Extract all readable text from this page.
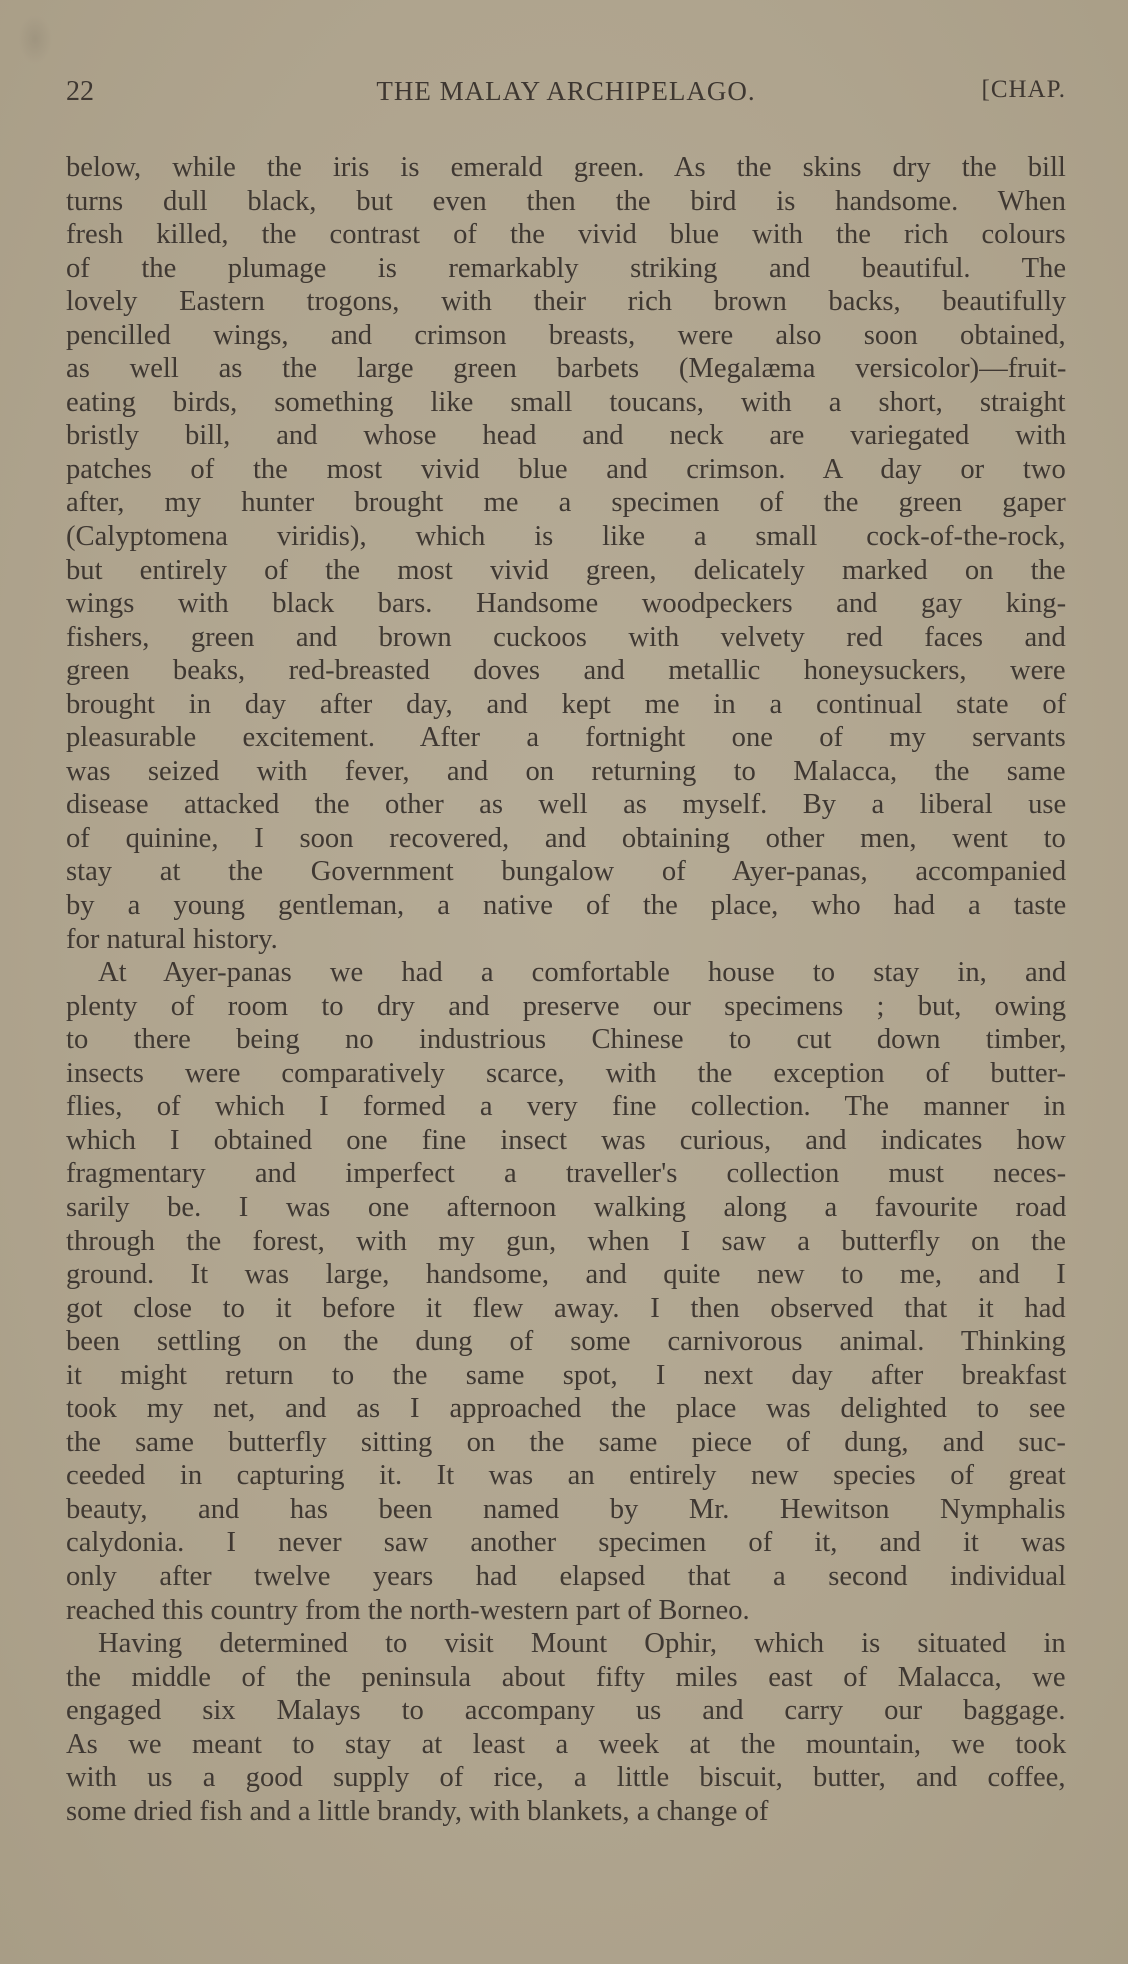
22	THE MALAY ARCHIPELAGO.	[CHAP.
below, while the iris is emerald green. As the skins dry the bill
turns dull black, but even then the bird is handsome. When
fresh killed, the contrast of the vivid blue with the rich colours
of the plumage is remarkably striking and beautiful. The
lovely Eastern trogons, with their rich brown backs, beautifully
pencilled wings, and crimson breasts, were also soon obtained,
as well as the large green barbets (Megalæma versicolor)—fruit-
eating birds, something like small toucans, with a short, straight
bristly bill, and whose head and neck are variegated with
patches of the most vivid blue and crimson. A day or two
after, my hunter brought me a specimen of the green gaper
(Calyptomena viridis), which is like a small cock-of-the-rock,
but entirely of the most vivid green, delicately marked on the
wings with black bars. Handsome woodpeckers and gay king-
fishers, green and brown cuckoos with velvety red faces and
green beaks, red-breasted doves and metallic honeysuckers, were
brought in day after day, and kept me in a continual state of
pleasurable excitement. After a fortnight one of my servants
was seized with fever, and on returning to Malacca, the same
disease attacked the other as well as myself. By a liberal use
of quinine, I soon recovered, and obtaining other men, went to
stay at the Government bungalow of Ayer-panas, accompanied
by a young gentleman, a native of the place, who had a taste
for natural history.
At Ayer-panas we had a comfortable house to stay in, and
plenty of room to dry and preserve our specimens ; but, owing
to there being no industrious Chinese to cut down timber,
insects were comparatively scarce, with the exception of butter-
flies, of which I formed a very fine collection. The manner in
which I obtained one fine insect was curious, and indicates how
fragmentary and imperfect a traveller's collection must neces-
sarily be. I was one afternoon walking along a favourite road
through the forest, with my gun, when I saw a butterfly on the
ground. It was large, handsome, and quite new to me, and I
got close to it before it flew away. I then observed that it had
been settling on the dung of some carnivorous animal. Thinking
it might return to the same spot, I next day after breakfast
took my net, and as I approached the place was delighted to see
the same butterfly sitting on the same piece of dung, and suc-
ceeded in capturing it. It was an entirely new species of great
beauty, and has been named by Mr. Hewitson Nymphalis
calydonia. I never saw another specimen of it, and it was
only after twelve years had elapsed that a second individual
reached this country from the north-western part of Borneo.
Having determined to visit Mount Ophir, which is situated in
the middle of the peninsula about fifty miles east of Malacca, we
engaged six Malays to accompany us and carry our baggage.
As we meant to stay at least a week at the mountain, we took
with us a good supply of rice, a little biscuit, butter, and coffee,
some dried fish and a little brandy, with blankets, a change of
